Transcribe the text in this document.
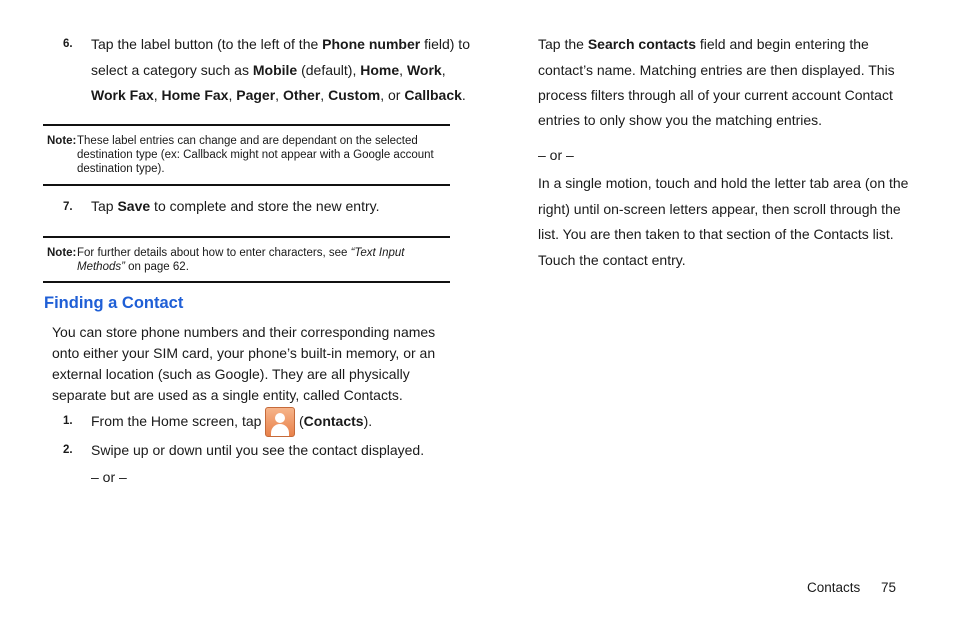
6. Tap the label button (to the left of the Phone number field) to
select a category such as Mobile (default), Home, Work,
Work Fax, Home Fax, Pager, Other, Custom, or Callback.
Note: These label entries can change and are dependant on the selected
destination type (ex: Callback might not appear with a Google account
destination type).
7. Tap Save to complete and store the new entry.
Note: For further details about how to enter characters, see “Text Input
Methods” on page 62.
Finding a Contact
You can store phone numbers and their corresponding names
onto either your SIM card, your phone’s built-in memory, or an
external location (such as Google). They are all physically
separate but are used as a single entity, called Contacts.
1. From the Home screen, tap	(Contacts).
2. Swipe up or down until you see the contact displayed.
– or –
Tap the Search contacts field and begin entering the
contact’s name. Matching entries are then displayed. This
process filters through all of your current account Contact
entries to only show you the matching entries.
– or –
In a single motion, touch and hold the letter tab area (on the
right) until on-screen letters appear, then scroll through the
list. You are then taken to that section of the Contacts list.
Touch the contact entry.
Contacts 75
